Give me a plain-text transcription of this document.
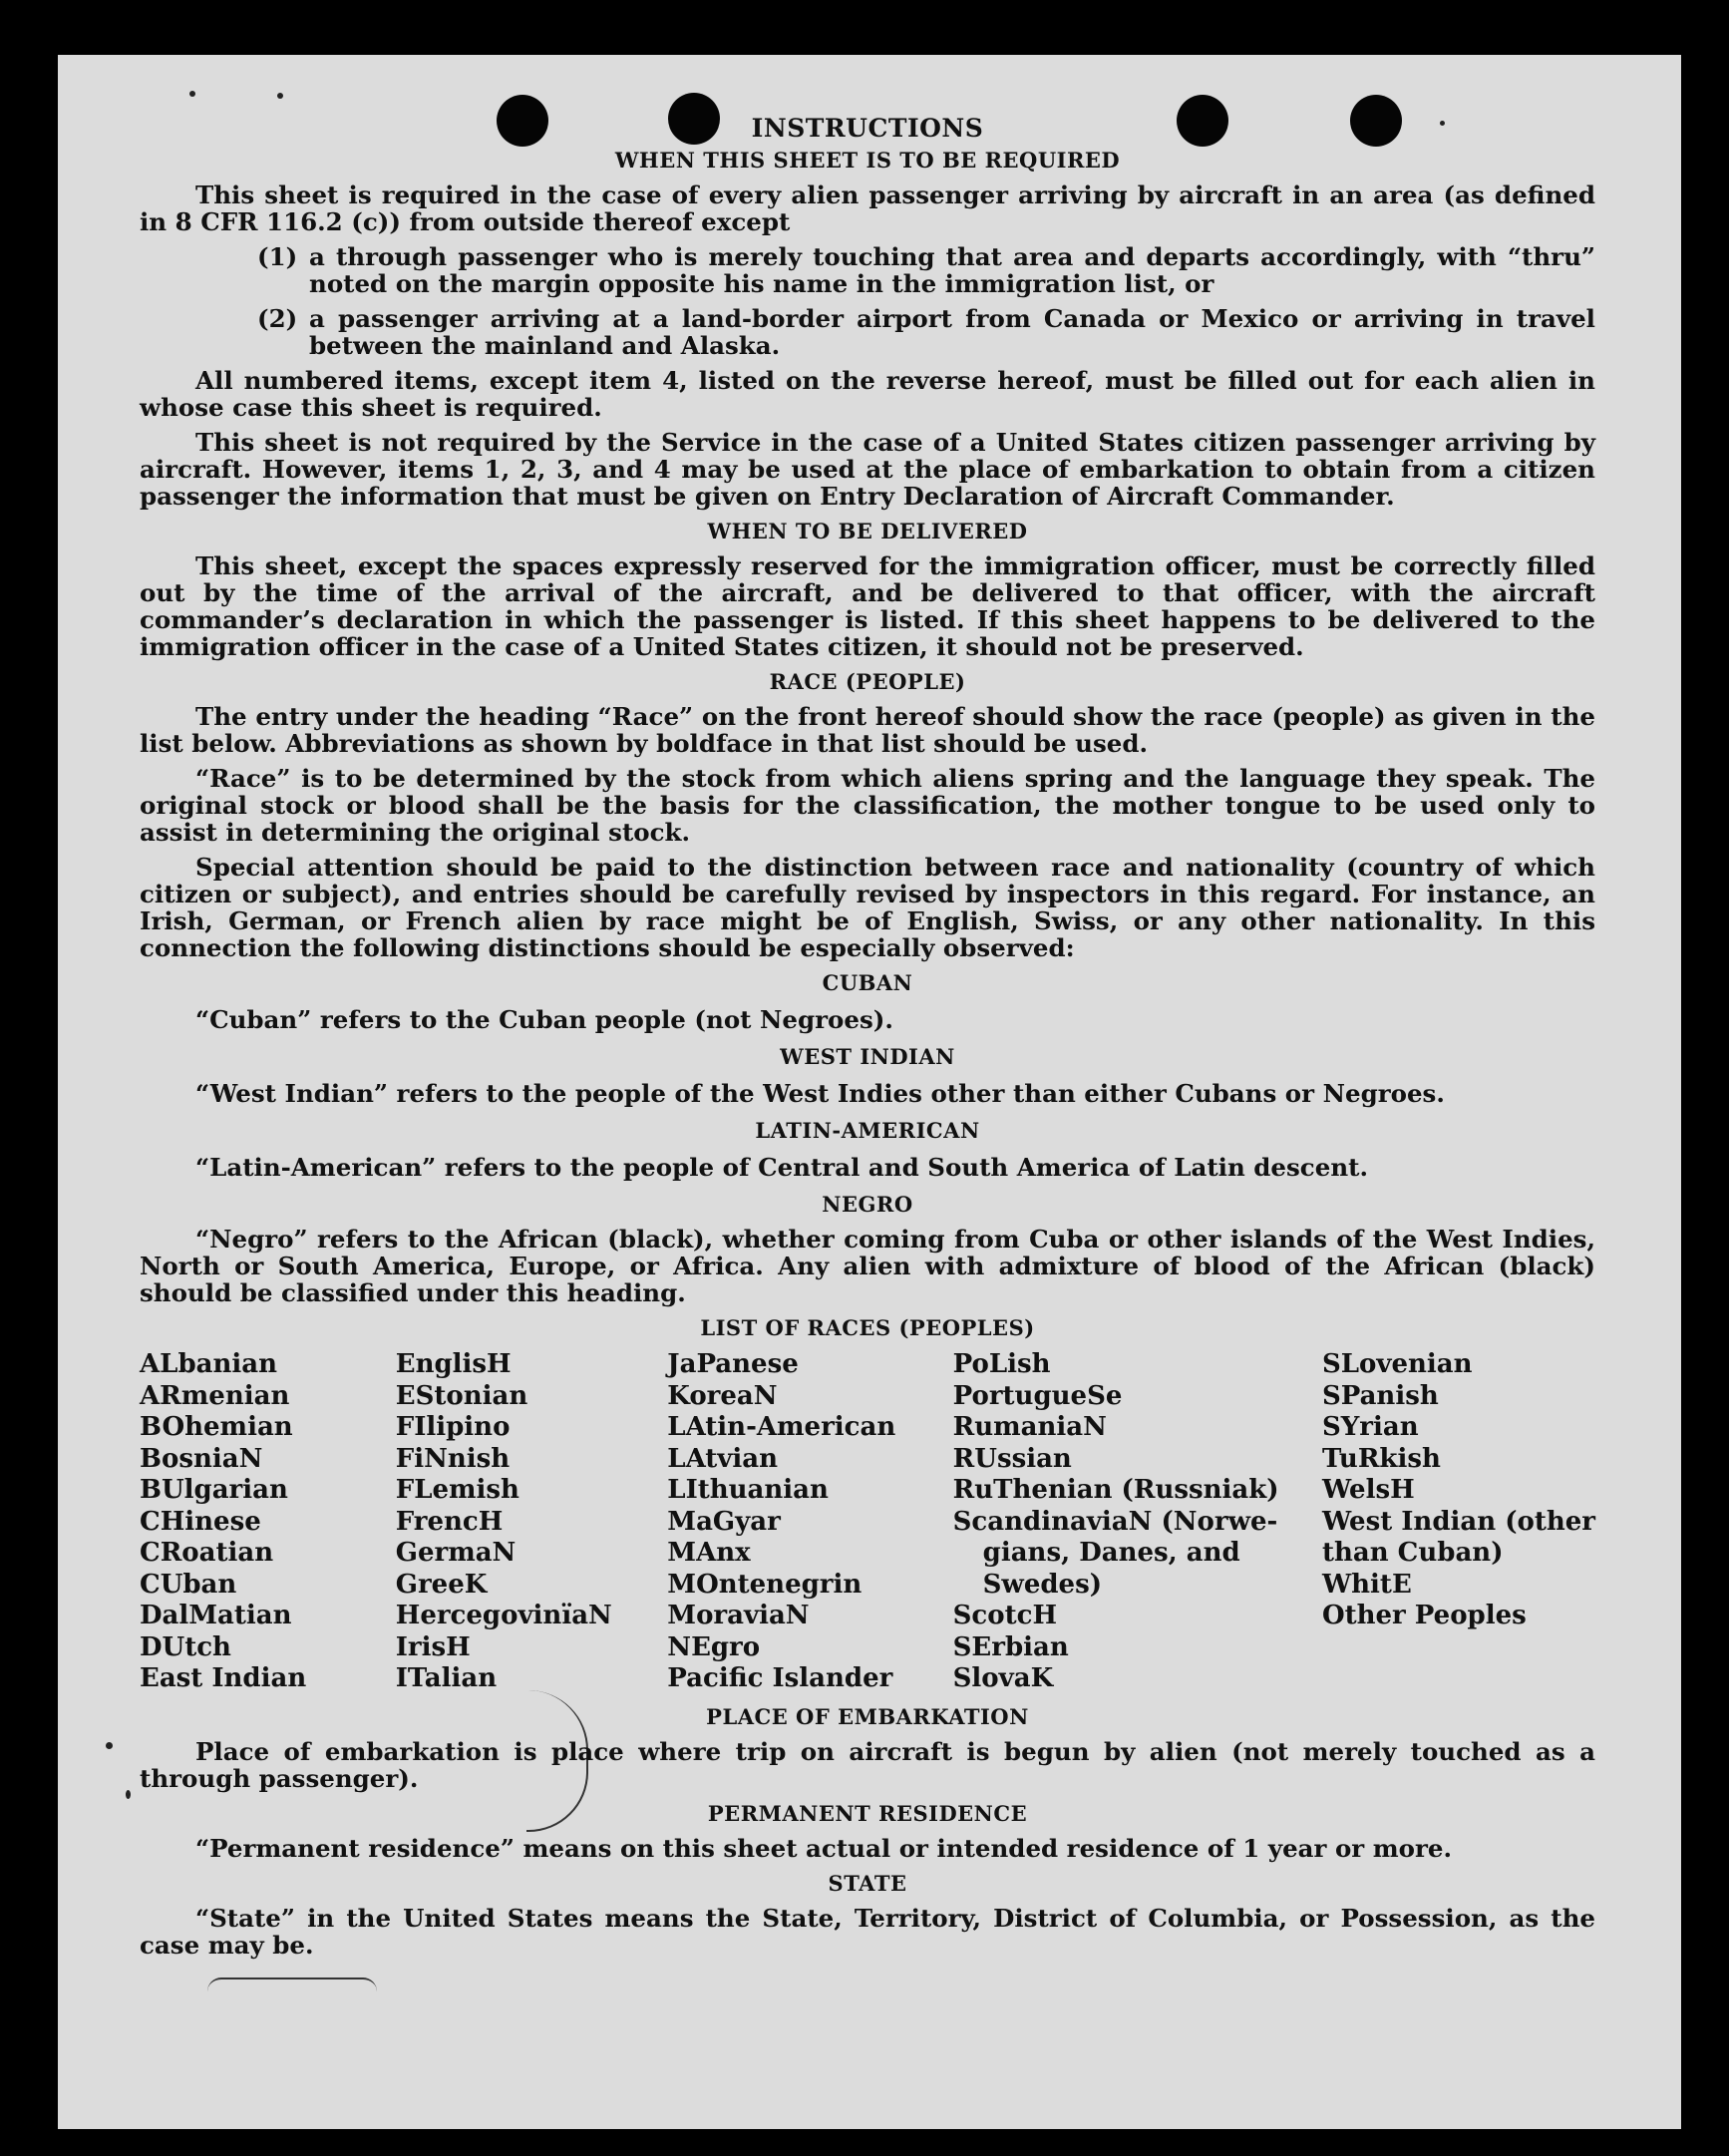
INSTRUCTIONS
WHEN THIS SHEET IS TO BE REQUIRED

This sheet is required in the case of every alien passenger arriving by aircraft in an area (as defined in 8 CFR 116.2 (c)) from outside thereof except

(1) a through passenger who is merely touching that area and departs accordingly, with “thru” noted on the margin opposite his name in the immigration list, or
(2) a passenger arriving at a land-border airport from Canada or Mexico or arriving in travel between the mainland and Alaska.

All numbered items, except item 4, listed on the reverse hereof, must be filled out for each alien in whose case this sheet is required.

This sheet is not required by the Service in the case of a United States citizen passenger arriving by aircraft. However, items 1, 2, 3, and 4 may be used at the place of embarkation to obtain from a citizen passenger the information that must be given on Entry Declaration of Aircraft Commander.

WHEN TO BE DELIVERED

This sheet, except the spaces expressly reserved for the immigration officer, must be correctly filled out by the time of the arrival of the aircraft, and be delivered to that officer, with the aircraft commander’s declaration in which the passenger is listed. If this sheet happens to be delivered to the immigration officer in the case of a United States citizen, it should not be preserved.

RACE (PEOPLE)

The entry under the heading “Race” on the front hereof should show the race (people) as given in the list below. Abbreviations as shown by boldface in that list should be used.

“Race” is to be determined by the stock from which aliens spring and the language they speak. The original stock or blood shall be the basis for the classification, the mother tongue to be used only to assist in determining the original stock.

Special attention should be paid to the distinction between race and nationality (country of which citizen or subject), and entries should be carefully revised by inspectors in this regard. For instance, an Irish, German, or French alien by race might be of English, Swiss, or any other nationality. In this connection the following distinctions should be especially observed:

CUBAN
“Cuban” refers to the Cuban people (not Negroes).
WEST INDIAN
“West Indian” refers to the people of the West Indies other than either Cubans or Negroes.
LATIN-AMERICAN
“Latin-American” refers to the people of Central and South America of Latin descent.
NEGRO

“Negro” refers to the African (black), whether coming from Cuba or other islands of the West Indies, North or South America, Europe, or Africa. Any alien with admixture of blood of the African (black) should be classified under this heading.

LIST OF RACES (PEOPLES)
ALbanian
ARmenian
BOhemian
BosniaN
BUlgarian
CHinese
CRoatian
CUban
DalMatian
DUtch
East Indian
EnglisH
EStonian
FIlipino
FiNnish
FLemish
FrencH
GermaN
GreeK
HercegovinïaN
IrisH
ITalian
JaPanese
KoreaN
LAtin-American
LAtvian
LIthuanian
MaGyar
MAnx
MOntenegrin
MoraviaN
NEgro
Pacific Islander
PoLish
PortugueSe
RumaniaN
RUssian
RuThenian (Russniak)
ScandinaviaN (Norwe-
gians, Danes, and
Swedes)
ScotcH
SErbian
SlovaK
SLovenian
SPanish
SYrian
TuRkish
WelsH
West Indian (other
than Cuban)
WhitE
Other Peoples
PLACE OF EMBARKATION

Place of embarkation is place where trip on aircraft is begun by alien (not merely touched as a through passenger).

PERMANENT RESIDENCE

“Permanent residence” means on this sheet actual or intended residence of 1 year or more.

STATE

“State” in the United States means the State, Territory, District of Columbia, or Possession, as the case may be.
